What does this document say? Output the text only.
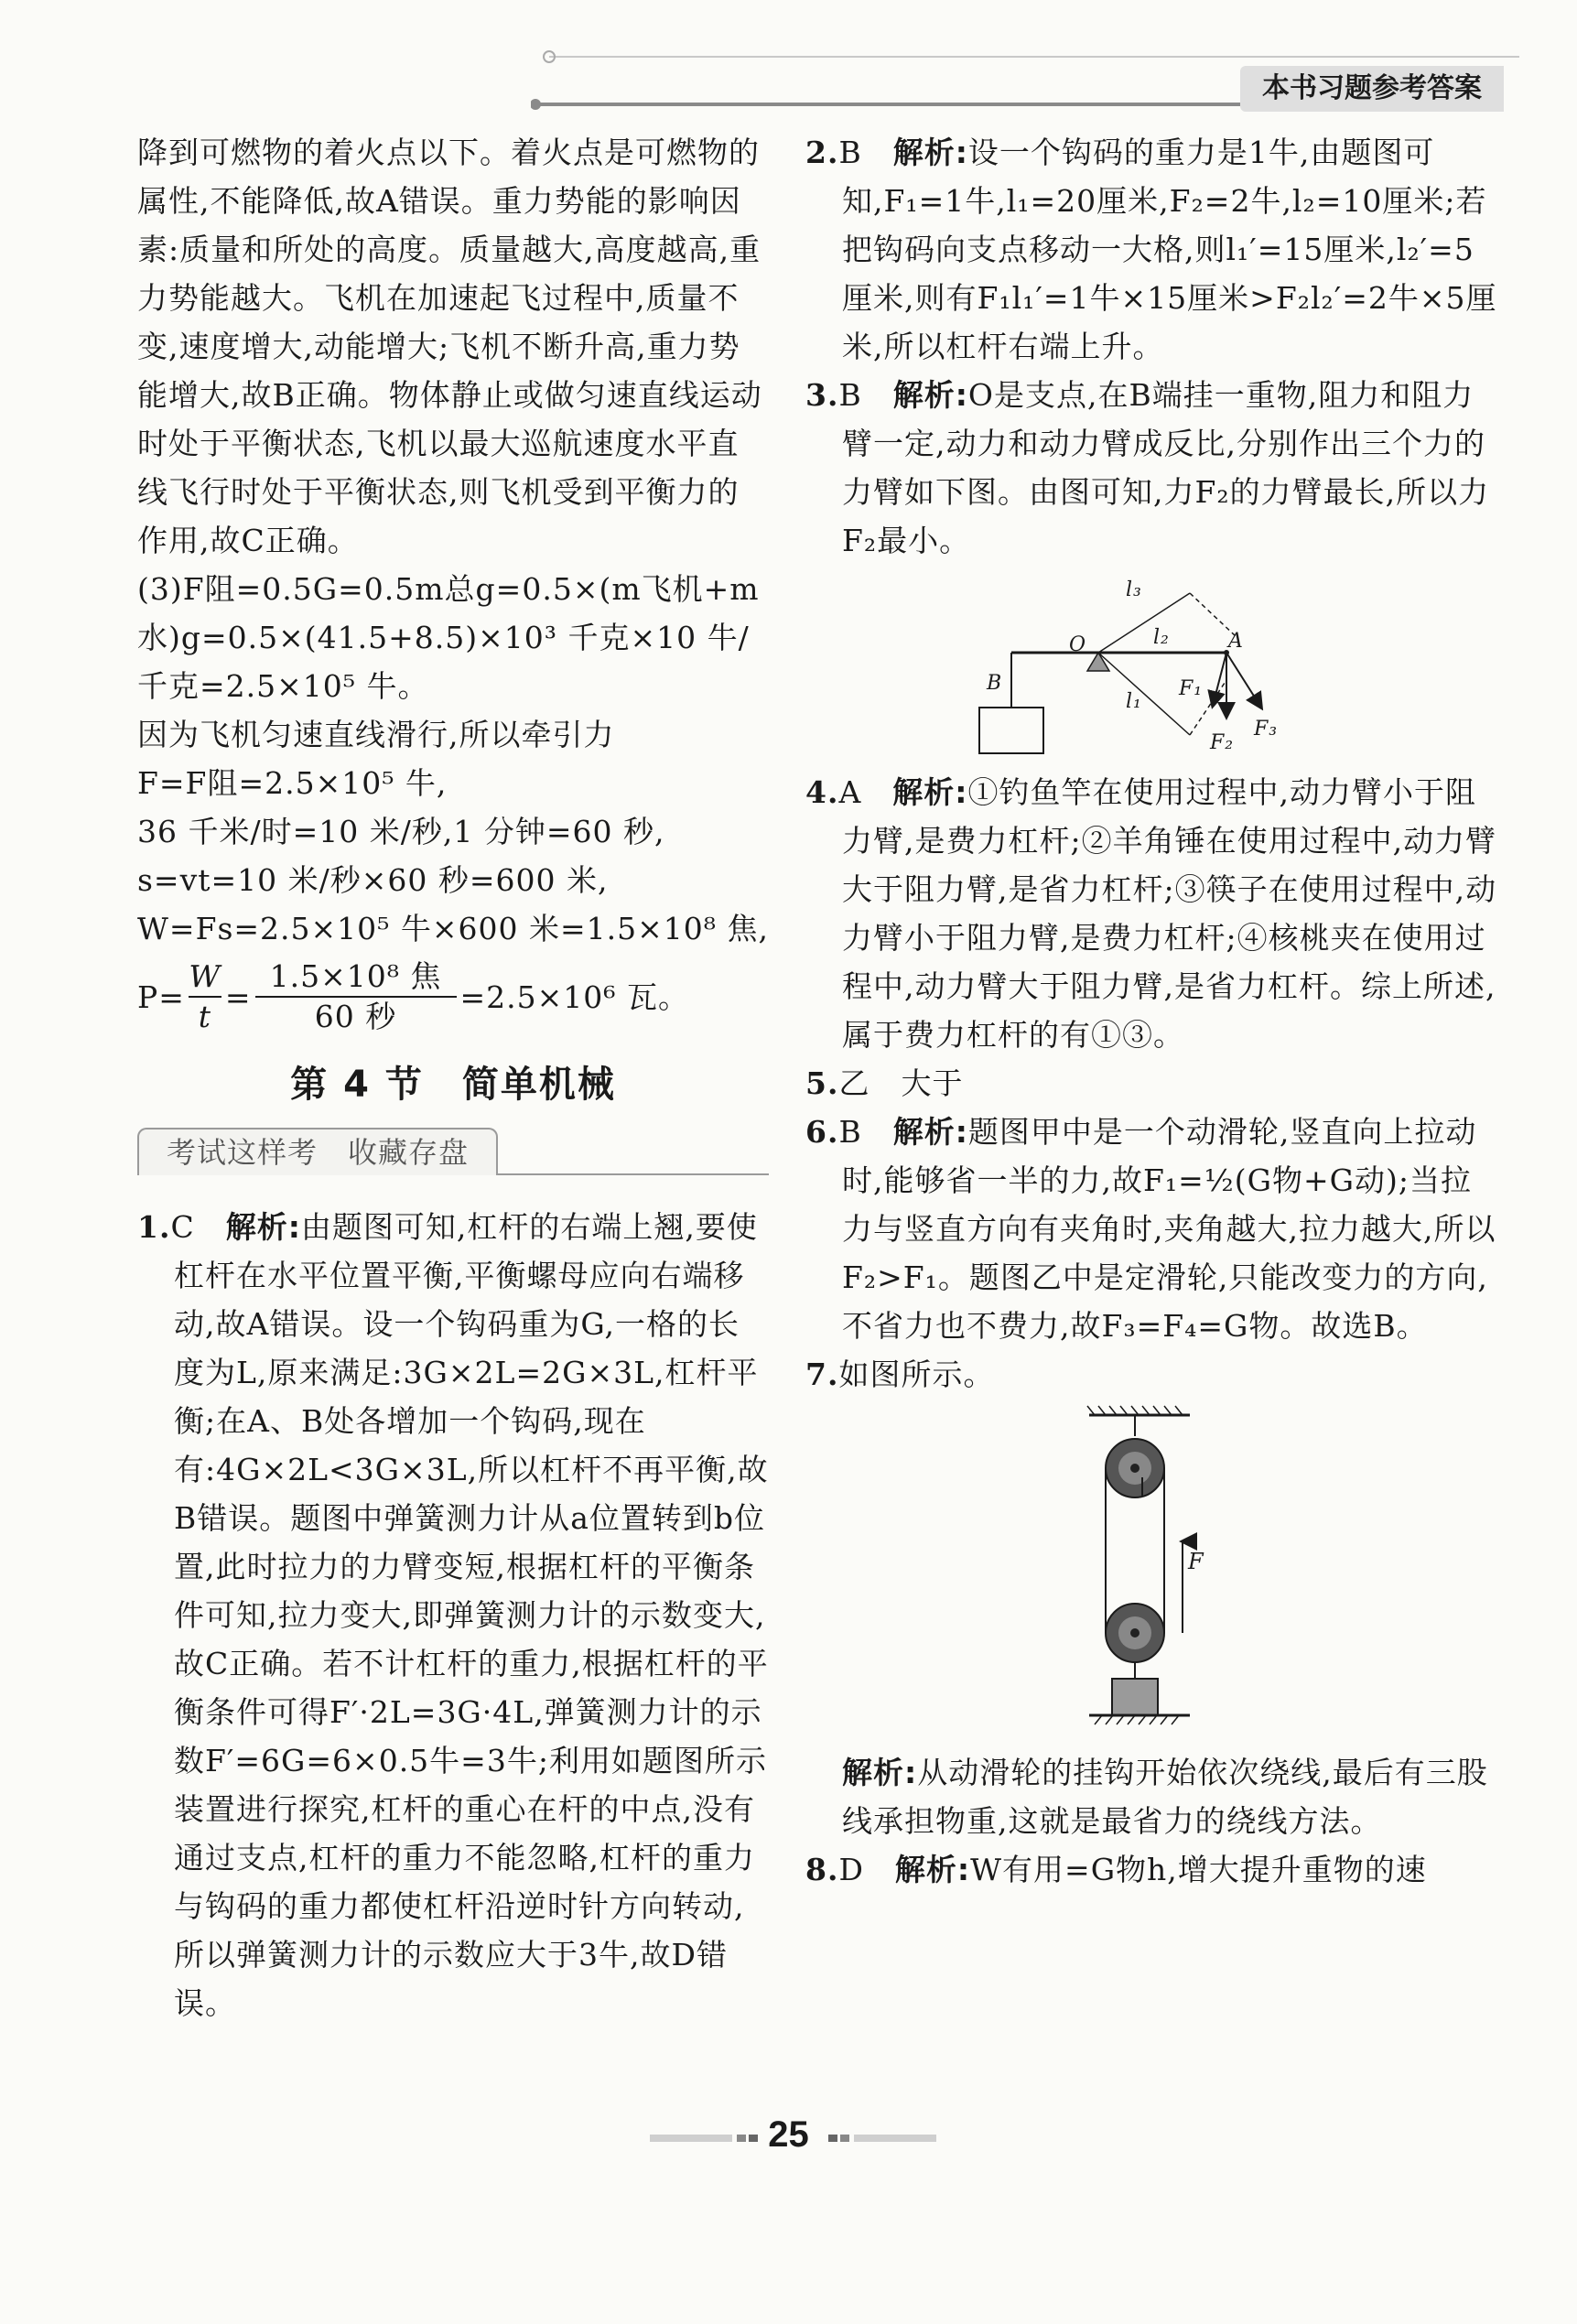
本书习题参考答案

降到可燃物的着火点以下。着火点是可燃物的属性,不能降低,故A错误。重力势能的影响因素:质量和所处的高度。质量越大,高度越高,重力势能越大。飞机在加速起飞过程中,质量不变,速度增大,动能增大;飞机不断升高,重力势能增大,故B正确。物体静止或做匀速直线运动时处于平衡状态,飞机以最大巡航速度水平直线飞行时处于平衡状态,则飞机受到平衡力的作用,故C正确。

(3)F阻=0.5G=0.5m总g=0.5×(m飞机+m水)g=0.5×(41.5+8.5)×10³ 千克×10 牛/千克=2.5×10⁵ 牛。

因为飞机匀速直线滑行,所以牵引力

F=F阻=2.5×10⁵ 牛,

36 千米/时=10 米/秒,1 分钟=60 秒,

s=vt=10 米/秒×60 秒=600 米,

W=Fs=2.5×10⁵ 牛×600 米=1.5×10⁸ 焦,

P=
W
t
=
1.5×10⁸ 焦
60 秒
=2.5×10⁶ 瓦。
第 4 节　简单机械
考试这样考　收藏存盘

1.C　 解析:由题图可知,杠杆的右端上翘,要使杠杆在水平位置平衡,平衡螺母应向右端移动,故A错误。设一个钩码重为G,一格的长度为L,原来满足:3G×2L=2G×3L,杠杆平衡;在A、B处各增加一个钩码,现在有:4G×2L<3G×3L,所以杠杆不再平衡,故B错误。题图中弹簧测力计从a位置转到b位置,此时拉力的力臂变短,根据杠杆的平衡条件可知,拉力变大,即弹簧测力计的示数变大,故C正确。若不计杠杆的重力,根据杠杆的平衡条件可得F′·2L=3G·4L,弹簧测力计的示数F′=6G=6×0.5牛=3牛;利用如题图所示装置进行探究,杠杆的重心在杆的中点,没有通过支点,杠杆的重力不能忽略,杠杆的重力与钩码的重力都使杠杆沿逆时针方向转动,所以弹簧测力计的示数应大于3牛,故D错误。

2.B　 解析:设一个钩码的重力是1牛,由题图可知,F₁=1牛,l₁=20厘米,F₂=2牛,l₂=10厘米;若把钩码向支点移动一大格,则l₁′=15厘米,l₂′=5厘米,则有F₁l₁′=1牛×15厘米>F₂l₂′=2牛×5厘米,所以杠杆右端上升。

3.B　 解析:O是支点,在B端挂一重物,阻力和阻力臂一定,动力和动力臂成反比,分别作出三个力的力臂如下图。由图可知,力F₂的力臂最长,所以力F₂最小。

B
O	A
l₁
l₂
l₃
F₁
F₂
F₃

4.A　 解析:①钓鱼竿在使用过程中,动力臂小于阻力臂,是费力杠杆;②羊角锤在使用过程中,动力臂大于阻力臂,是省力杠杆;③筷子在使用过程中,动力臂小于阻力臂,是费力杠杆;④核桃夹在使用过程中,动力臂大于阻力臂,是省力杠杆。综上所述,属于费力杠杆的有①③。

5.乙　大于

6.B　 解析:题图甲中是一个动滑轮,竖直向上拉动时,能够省一半的力,故F₁=½(G物+G动);当拉力与竖直方向有夹角时,夹角越大,拉力越大,所以F₂>F₁。题图乙中是定滑轮,只能改变力的方向,不省力也不费力,故F₃=F₄=G物。故选B。

7.如图所示。

F

解析:从动滑轮的挂钩开始依次绕线,最后有三股线承担物重,这就是最省力的绕线方法。

8.D　 解析:W有用=G物h,增大提升重物的速

25
